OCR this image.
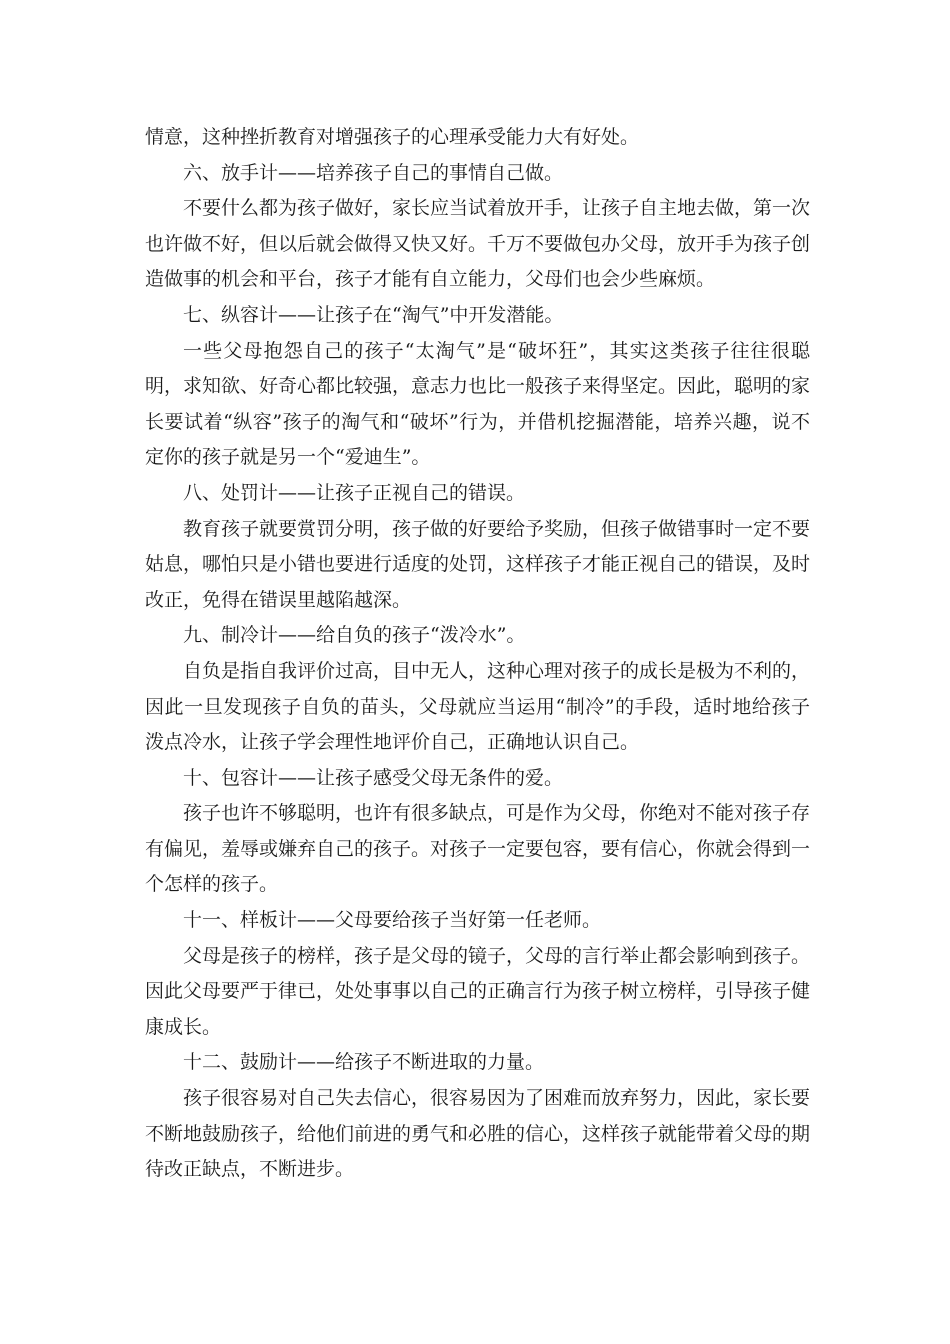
情意，这种挫折教育对增强孩子的心理承受能力大有好处。

六、放手计——培养孩子自己的事情自己做。

不要什么都为孩子做好，家长应当试着放开手，让孩子自主地去做，第一次也许做不好，但以后就会做得又快又好。千万不要做包办父母，放开手为孩子创造做事的机会和平台，孩子才能有自立能力，父母们也会少些麻烦。

七、纵容计——让孩子在“淘气”中开发潜能。

一些父母抱怨自己的孩子“太淘气”是“破坏狂”，其实这类孩子往往很聪明，求知欲、好奇心都比较强，意志力也比一般孩子来得坚定。因此，聪明的家长要试着“纵容”孩子的淘气和“破坏”行为，并借机挖掘潜能，培养兴趣，说不定你的孩子就是另一个“爱迪生”。

八、处罚计——让孩子正视自己的错误。

教育孩子就要赏罚分明，孩子做的好要给予奖励，但孩子做错事时一定不要姑息，哪怕只是小错也要进行适度的处罚，这样孩子才能正视自己的错误，及时改正，免得在错误里越陷越深。

九、制冷计——给自负的孩子“泼冷水”。

自负是指自我评价过高，目中无人，这种心理对孩子的成长是极为不利的，因此一旦发现孩子自负的苗头，父母就应当运用“制冷”的手段，适时地给孩子泼点冷水，让孩子学会理性地评价自己，正确地认识自己。

十、包容计——让孩子感受父母无条件的爱。

孩子也许不够聪明，也许有很多缺点，可是作为父母，你绝对不能对孩子存有偏见，羞辱或嫌弃自己的孩子。对孩子一定要包容，要有信心，你就会得到一个怎样的孩子。

十一、样板计——父母要给孩子当好第一任老师。

父母是孩子的榜样，孩子是父母的镜子，父母的言行举止都会影响到孩子。因此父母要严于律已，处处事事以自己的正确言行为孩子树立榜样，引导孩子健康成长。

十二、鼓励计——给孩子不断进取的力量。

孩子很容易对自己失去信心，很容易因为了困难而放弃努力，因此，家长要不断地鼓励孩子，给他们前进的勇气和必胜的信心，这样孩子就能带着父母的期待改正缺点，不断进步。
